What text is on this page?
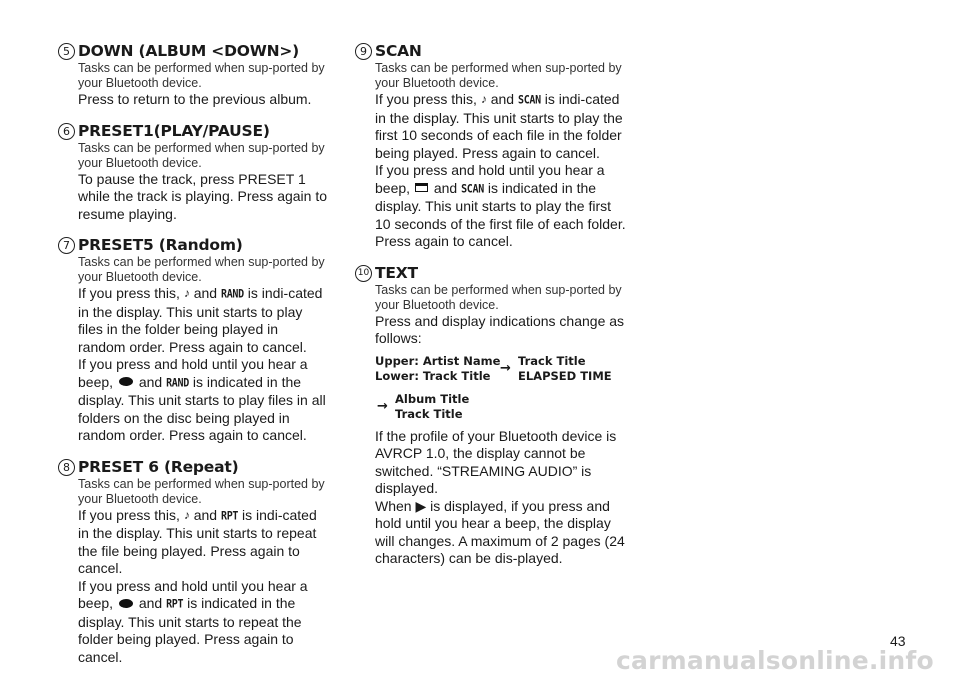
5 DOWN (ALBUM <DOWN>)
Tasks can be performed when sup-ported by your Bluetooth device.
Press to return to the previous album.
6 PRESET1(PLAY/PAUSE)
Tasks can be performed when sup-ported by your Bluetooth device.
To pause the track, press PRESET 1 while the track is playing. Press again to resume playing.
7 PRESET5 (Random)
Tasks can be performed when sup-ported by your Bluetooth device.
If you press this, ♪ and RAND is indi-cated in the display. This unit starts to play files in the folder being played in random order. Press again to cancel.
If you press and hold until you hear a beep, and RAND is indicated in the display. This unit starts to play files in all folders on the disc being played in random order. Press again to cancel.
8 PRESET 6 (Repeat)
Tasks can be performed when sup-ported by your Bluetooth device.
If you press this, ♪ and RPT is indi-cated in the display. This unit starts to repeat the file being played. Press again to cancel.
If you press and hold until you hear a beep, and RPT is indicated in the display. This unit starts to repeat the folder being played. Press again to cancel.
9 SCAN
Tasks can be performed when sup-ported by your Bluetooth device.
If you press this, ♪ and SCAN is indi-cated in the display. This unit starts to play the first 10 seconds of each file in the folder being played. Press again to cancel.
If you press and hold until you hear a beep, and SCAN is indicated in the display. This unit starts to play the first 10 seconds of the first file of each folder. Press again to cancel.
10 TEXT
Tasks can be performed when sup-ported by your Bluetooth device.
Press and display indications change as follows:
Upper: Artist Name
Lower: Track Title → Track Title
ELAPSED TIME
→ Album Title
Track Title
If the profile of your Bluetooth device is AVRCP 1.0, the display cannot be switched. “STREAMING AUDIO” is displayed.
When ▶ is displayed, if you press and hold until you hear a beep, the display will changes. A maximum of 2 pages (24 characters) can be dis-played.
43
carmanualsonline.info
